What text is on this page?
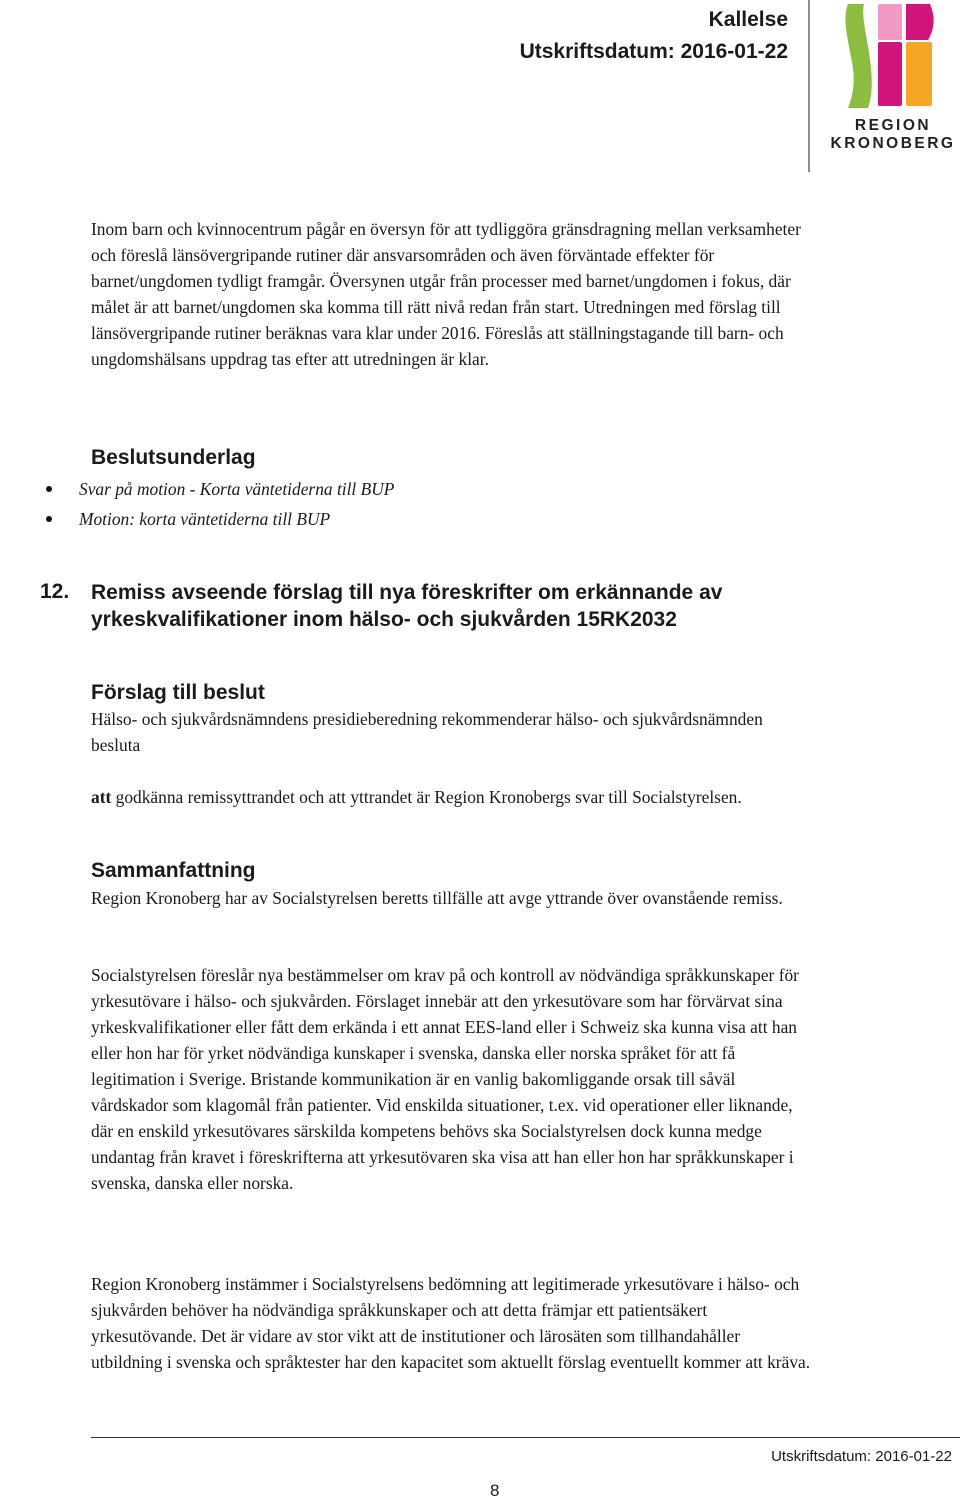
Kallelse
Utskriftsdatum: 2016-01-22
REGION
KRONOBERG

Inom barn och kvinnocentrum pågår en översyn för att tydliggöra gränsdragning mellan verksamheter och föreslå länsövergripande rutiner där ansvarsområden och även förväntade effekter för barnet/ungdomen tydligt framgår. Översynen utgår från processer med barnet/ungdomen i fokus, där målet är att barnet/ungdomen ska komma till rätt nivå redan från start. Utredningen med förslag till länsövergripande rutiner beräknas vara klar under 2016. Föreslås att ställningstagande till barn- och ungdomshälsans uppdrag tas efter att utredningen är klar.

Beslutsunderlag
Svar på motion - Korta väntetiderna till BUP
Motion: korta väntetiderna till BUP
12. Remiss avseende förslag till nya föreskrifter om erkännande av yrkeskvalifikationer inom hälso- och sjukvården 15RK2032
Förslag till beslut

Hälso- och sjukvårdsnämndens presidieberedning rekommenderar hälso- och sjukvårdsnämnden besluta

att godkänna remissyttrandet och att yttrandet är Region Kronobergs svar till Socialstyrelsen.

Sammanfattning

Region Kronoberg har av Socialstyrelsen beretts tillfälle att avge yttrande över ovanstående remiss.

Socialstyrelsen föreslår nya bestämmelser om krav på och kontroll av nödvändiga språkkunskaper för yrkesutövare i hälso- och sjukvården. Förslaget innebär att den yrkesutövare som har förvärvat sina yrkeskvalifikationer eller fått dem erkända i ett annat EES-land eller i Schweiz ska kunna visa att han eller hon har för yrket nödvändiga kunskaper i svenska, danska eller norska språket för att få legitimation i Sverige. Bristande kommunikation är en vanlig bakomliggande orsak till såväl vårdskador som klagomål från patienter. Vid enskilda situationer, t.ex. vid operationer eller liknande, där en enskild yrkesutövares särskilda kompetens behövs ska Socialstyrelsen dock kunna medge undantag från kravet i föreskrifterna att yrkesutövaren ska visa att han eller hon har språkkunskaper i svenska, danska eller norska.

Region Kronoberg instämmer i Socialstyrelsens bedömning att legitimerade yrkesutövare i hälso- och sjukvården behöver ha nödvändiga språkkunskaper och att detta främjar ett patientsäkert yrkesutövande. Det är vidare av stor vikt att de institutioner och lärosäten som tillhandahåller utbildning i svenska och språktester har den kapacitet som aktuellt förslag eventuellt kommer att kräva.

Utskriftsdatum: 2016-01-22
8
